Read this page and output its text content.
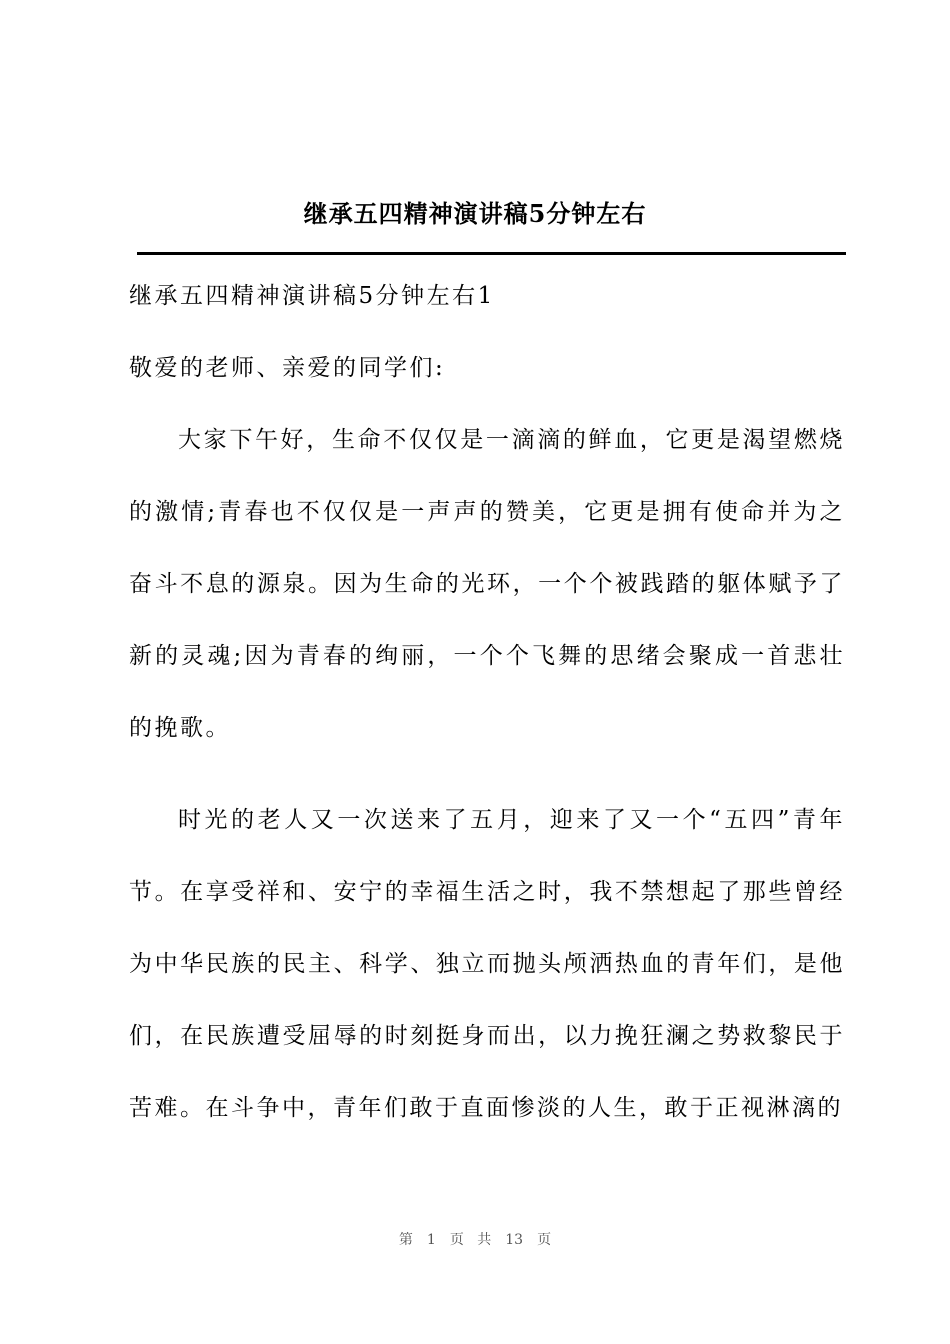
继承五四精神演讲稿5分钟左右
继承五四精神演讲稿5分钟左右1
敬爱的老师、亲爱的同学们:
大家下午好，生命不仅仅是一滴滴的鲜血，它更是渴望燃烧的激情;青春也不仅仅是一声声的赞美，它更是拥有使命并为之奋斗不息的源泉。因为生命的光环，一个个被践踏的躯体赋予了新的灵魂;因为青春的绚丽，一个个飞舞的思绪会聚成一首悲壮的挽歌。
时光的老人又一次送来了五月，迎来了又一个“五四”青年节。在享受祥和、安宁的幸福生活之时，我不禁想起了那些曾经为中华民族的民主、科学、独立而抛头颅洒热血的青年们，是他们，在民族遭受屈辱的时刻挺身而出，以力挽狂澜之势救黎民于苦难。在斗争中，青年们敢于直面惨淡的人生，敢于正视淋漓的
第 1 页 共 13 页
